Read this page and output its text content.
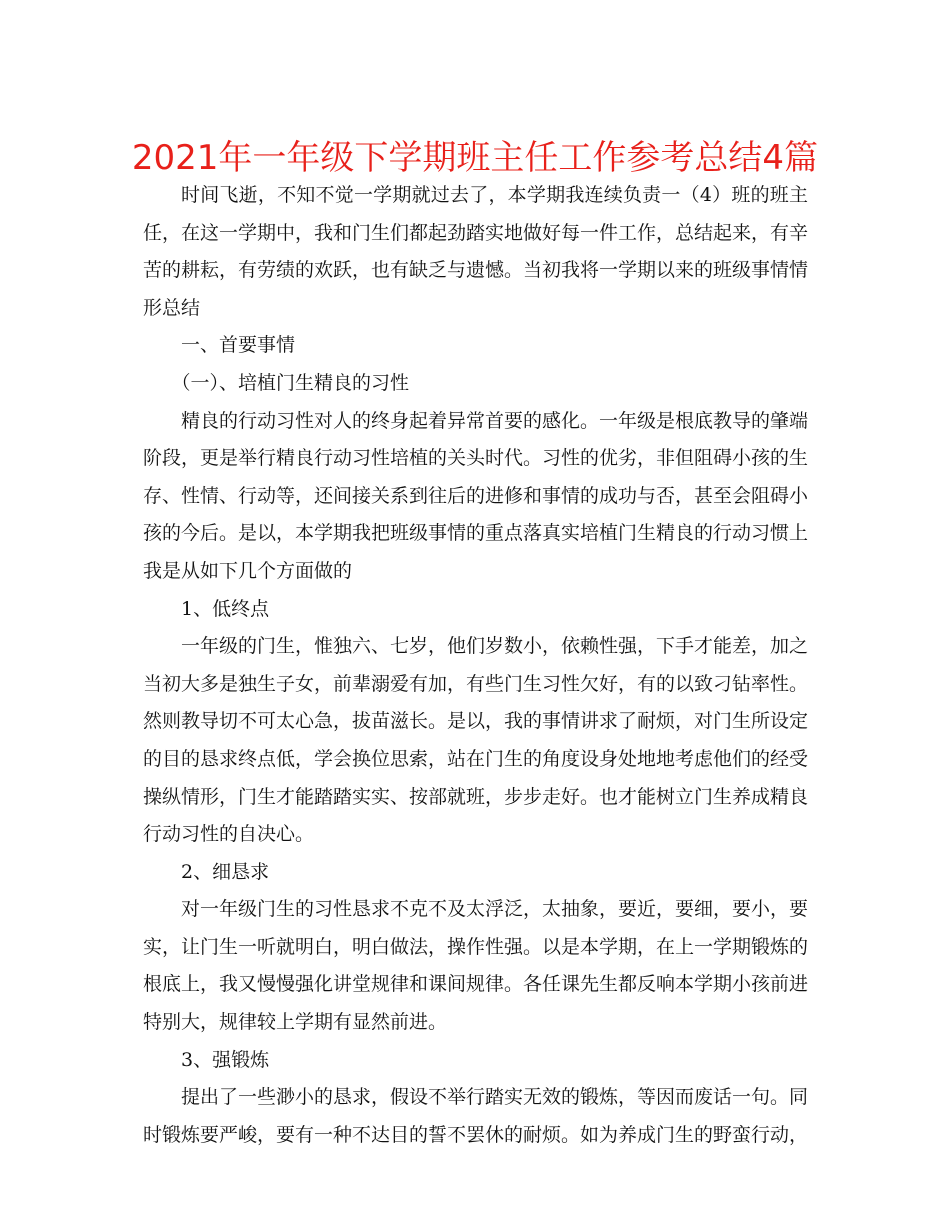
2021年一年级下学期班主任工作参考总结4篇

时间飞逝，不知不觉一学期就过去了，本学期我连续负责一（4）班的班主任，在这一学期中，我和门生们都起劲踏实地做好每一件工作，总结起来，有辛苦的耕耘，有劳绩的欢跃，也有缺乏与遗憾。当初我将一学期以来的班级事情情形总结

一、首要事情

（一）、培植门生精良的习性

精良的行动习性对人的终身起着异常首要的感化。一年级是根底教导的肇端阶段，更是举行精良行动习性培植的关头时代。习性的优劣，非但阻碍小孩的生存、性情、行动等，还间接关系到往后的进修和事情的成功与否，甚至会阻碍小孩的今后。是以，本学期我把班级事情的重点落真实培植门生精良的行动习惯上我是从如下几个方面做的

1、低终点

一年级的门生，惟独六、七岁，他们岁数小，依赖性强，下手才能差，加之当初大多是独生子女，前辈溺爱有加，有些门生习性欠好，有的以致刁钻率性。然则教导切不可太心急，拔苗滋长。是以，我的事情讲求了耐烦，对门生所设定的目的恳求终点低，学会换位思索，站在门生的角度设身处地地考虑他们的经受操纵情形，门生才能踏踏实实、按部就班，步步走好。也才能树立门生养成精良行动习性的自决心。

2、细恳求

对一年级门生的习性恳求不克不及太浮泛，太抽象，要近，要细，要小，要实，让门生一听就明白，明白做法，操作性强。以是本学期，在上一学期锻炼的根底上，我又慢慢强化讲堂规律和课间规律。各任课先生都反响本学期小孩前进特别大，规律较上学期有显然前进。

3、强锻炼

提出了一些渺小的恳求，假设不举行踏实无效的锻炼，等因而废话一句。同时锻炼要严峻，要有一种不达目的誓不罢休的耐烦。如为养成门生的野蛮行动，
